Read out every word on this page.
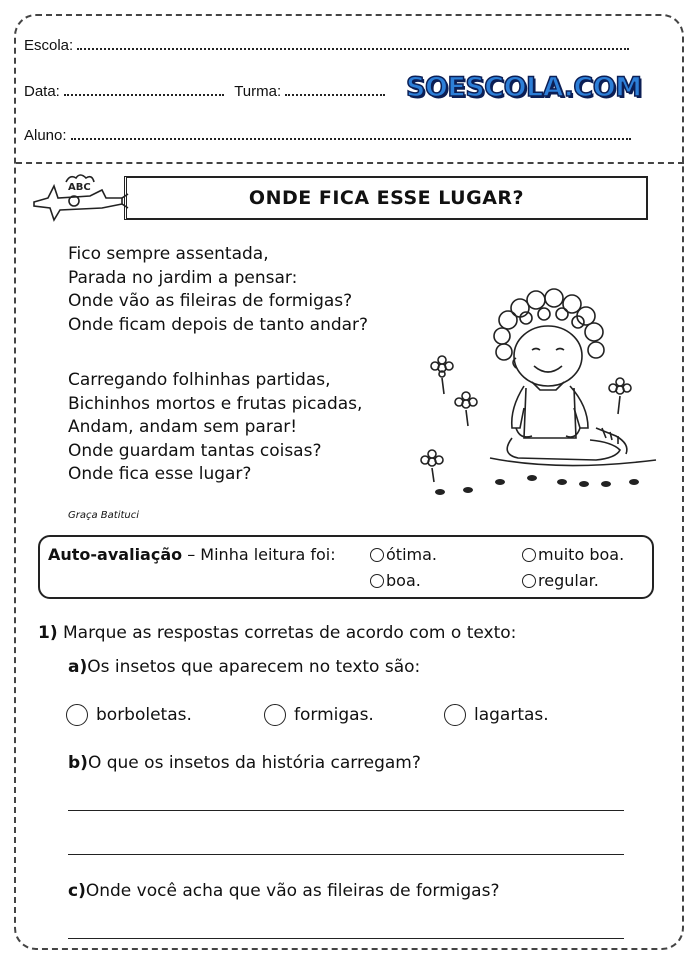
Escola:
Data:	Turma:	SOESCOLA.COM
Aluno:
ABC	ONDE FICA ESSE LUGAR?
Fico sempre assentada,
Parada no jardim a pensar:
Onde vão as fileiras de formigas?
Onde ficam depois de tanto andar?
Carregando folhinhas partidas,
Bichinhos mortos e frutas picadas,
Andam, andam sem parar!
Onde guardam tantas coisas?
Onde fica esse lugar?
Graça Batituci
Auto-avaliação – Minha leitura foi:	ótima.	muito boa.
boa.	regular.
1) Marque as respostas corretas de acordo com o texto:
a)Os insetos que aparecem no texto são:
borboletas.	formigas.	lagartas.
b)O que os insetos da história carregam?
c)Onde você acha que vão as fileiras de formigas?
